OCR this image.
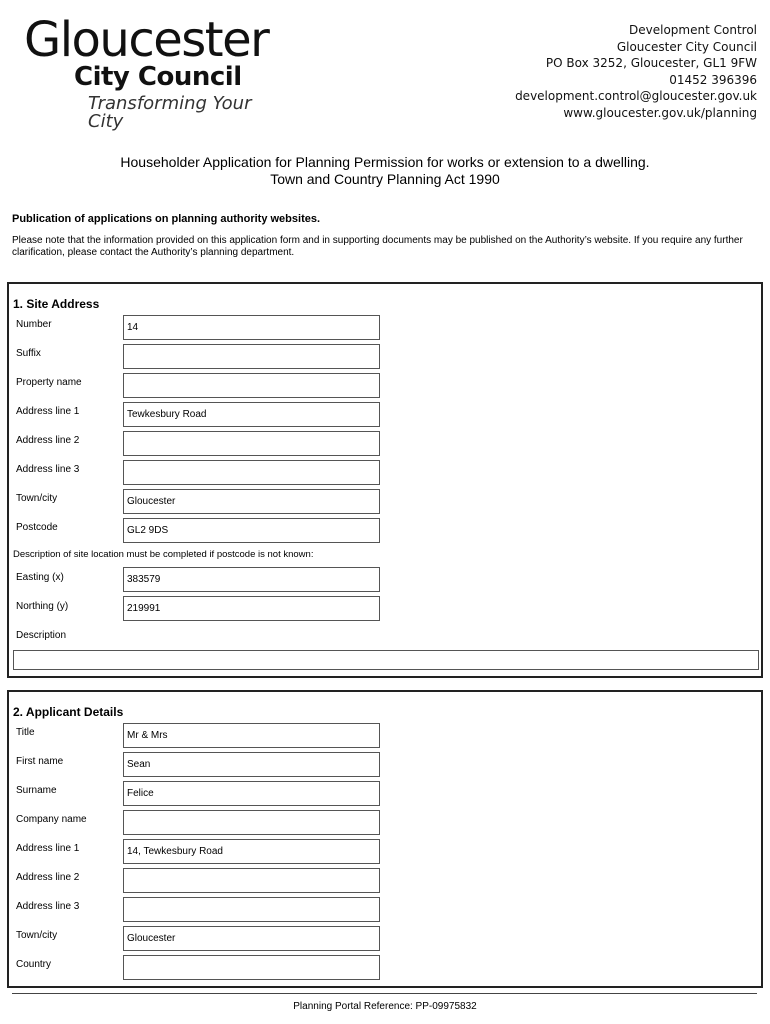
Gloucester
City Council
Transforming Your City
Development Control
Gloucester City Council
PO Box 3252, Gloucester, GL1 9FW
01452 396396
development.control@gloucester.gov.uk
www.gloucester.gov.uk/planning
Householder Application for Planning Permission for works or extension to a dwelling.
Town and Country Planning Act 1990
Publication of applications on planning authority websites.
Please note that the information provided on this application form and in supporting documents may be published on the Authority’s website. If you require any further clarification, please contact the Authority’s planning department.
1. Site Address
Number	14
Suffix
Property name
Address line 1	Tewkesbury Road
Address line 2
Address line 3
Town/city	Gloucester
Postcode	GL2 9DS
Description of site location must be completed if postcode is not known:
Easting (x)	383579
Northing (y)	219991
Description
2. Applicant Details
Title	Mr & Mrs
First name	Sean
Surname	Felice
Company name
Address line 1	14, Tewkesbury Road
Address line 2
Address line 3
Town/city	Gloucester
Country
Planning Portal Reference: PP-09975832
